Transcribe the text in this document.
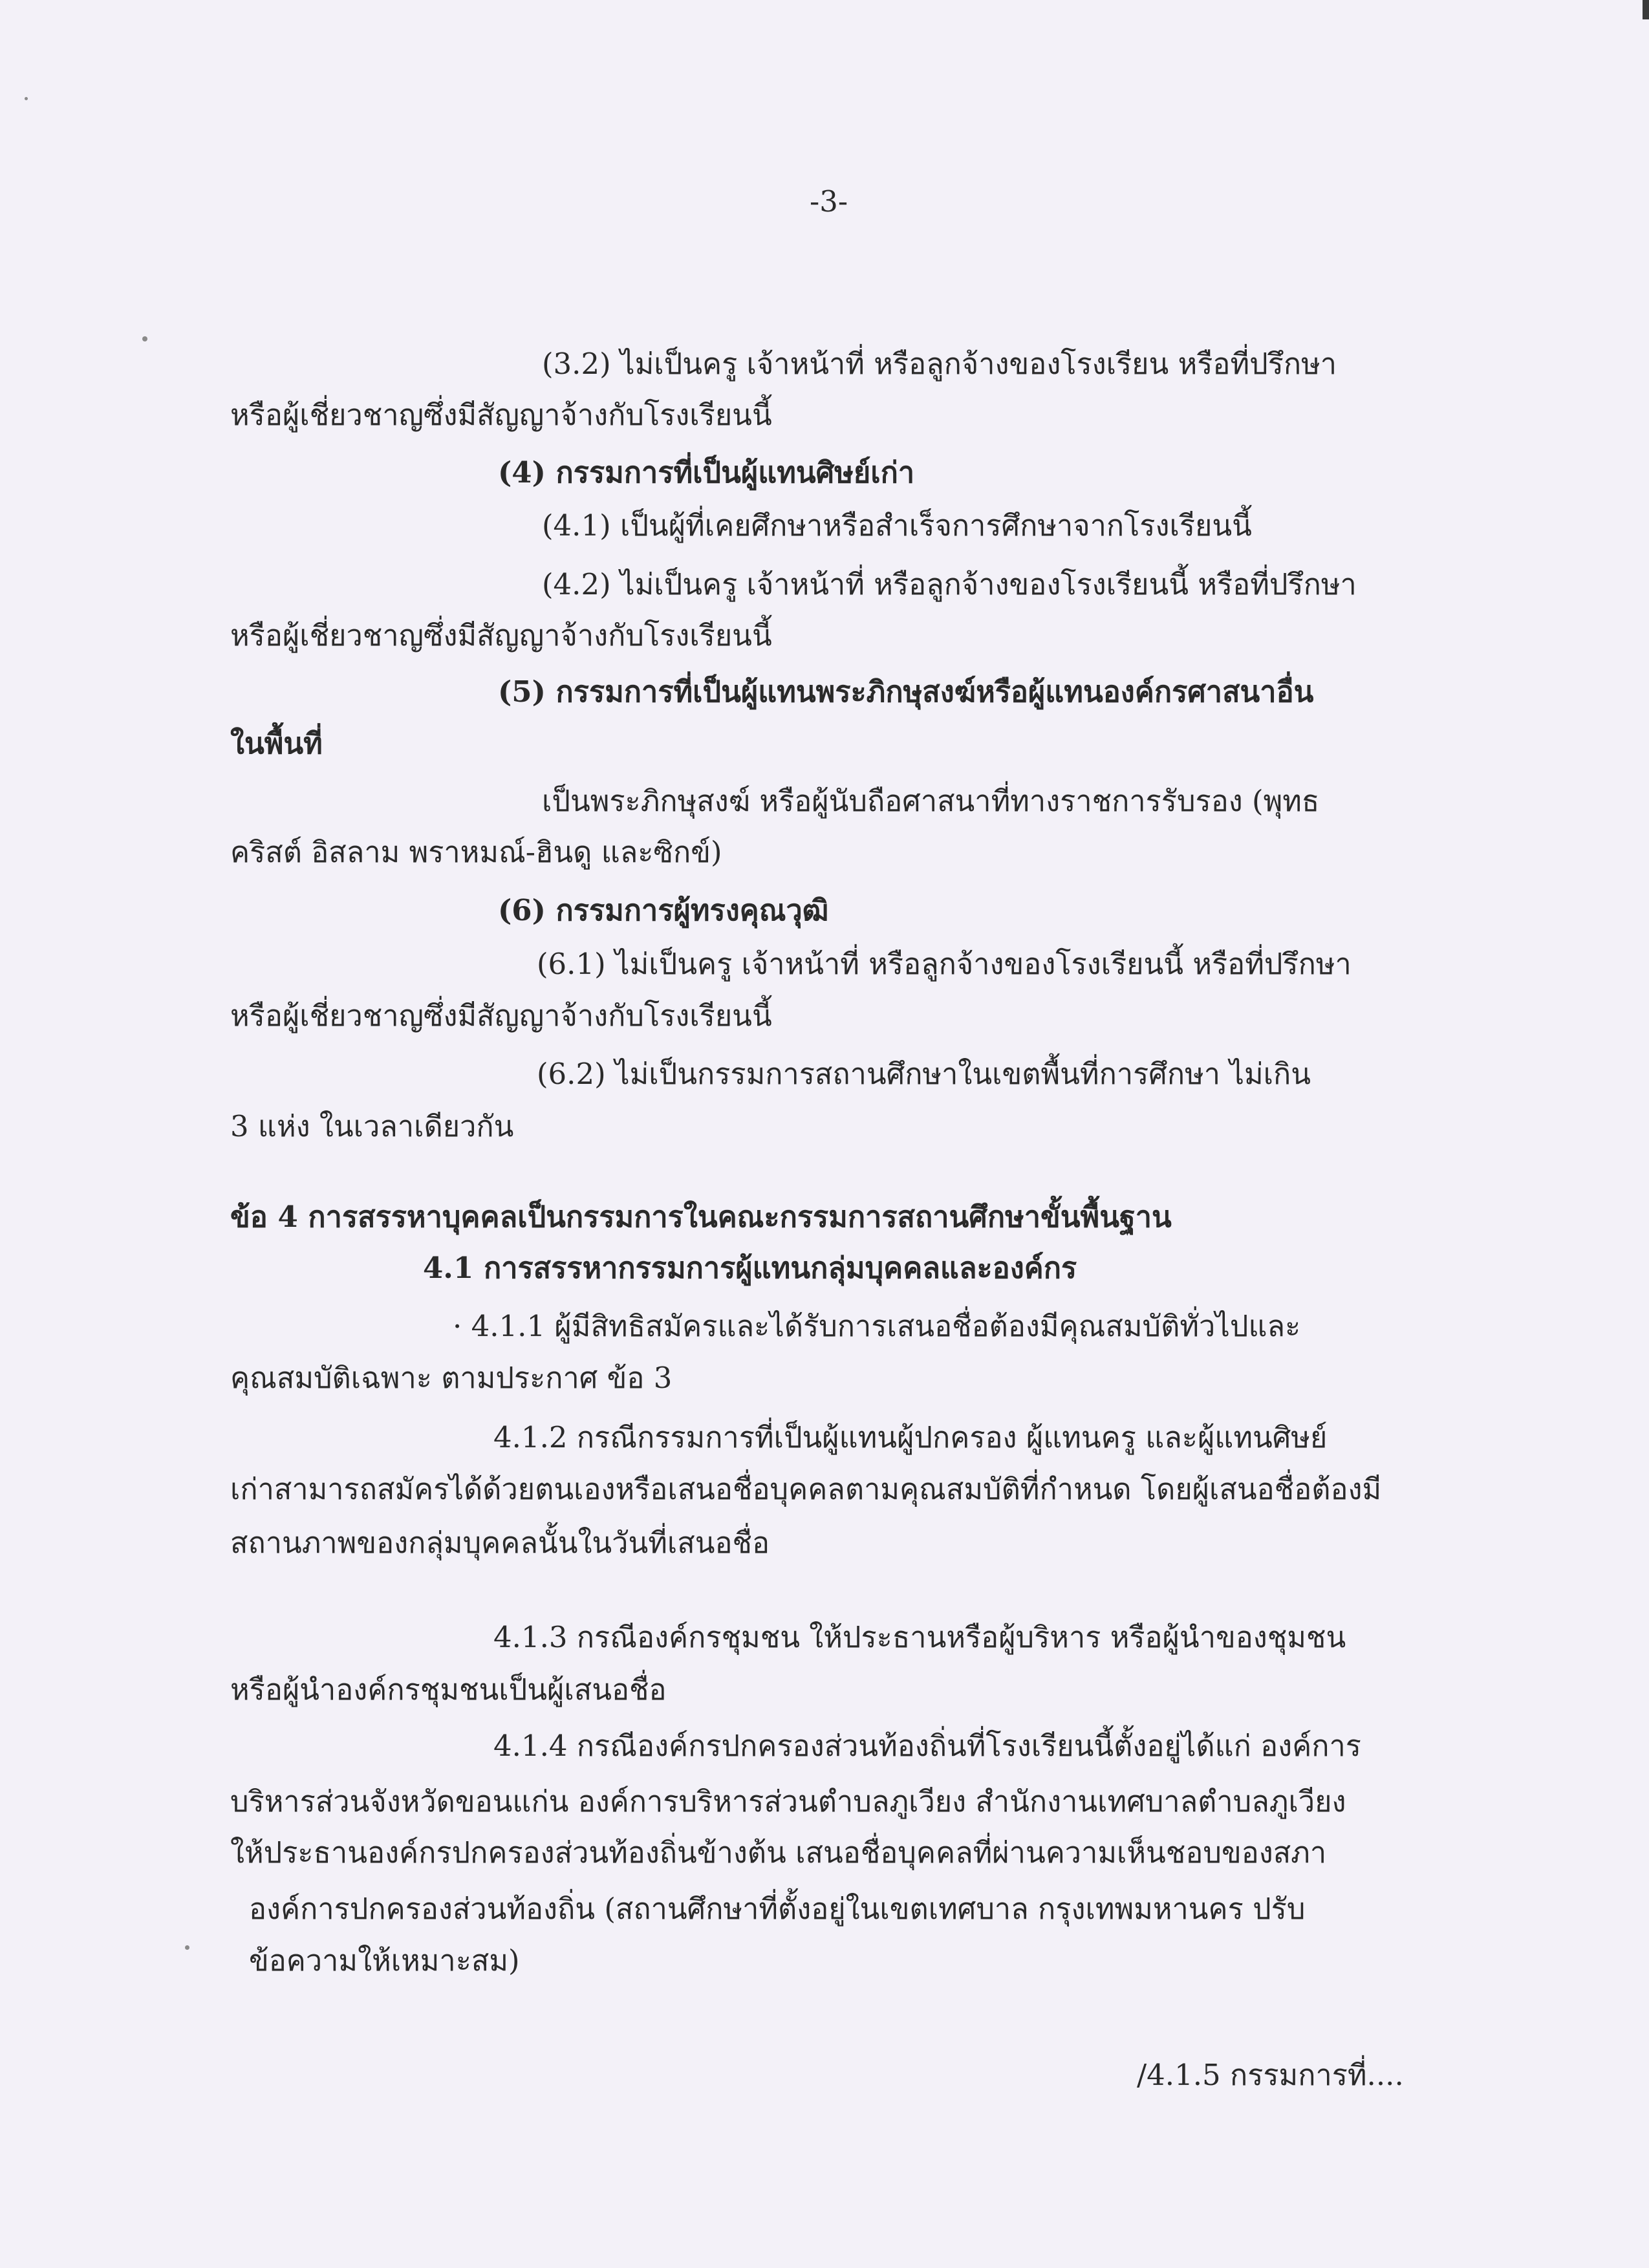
-3-
(3.2) ไม่เป็นครู เจ้าหน้าที่ หรือลูกจ้างของโรงเรียน หรือที่ปรึกษา
หรือผู้เชี่ยวชาญซึ่งมีสัญญาจ้างกับโรงเรียนนี้
(4) กรรมการที่เป็นผู้แทนศิษย์เก่า
(4.1) เป็นผู้ที่เคยศึกษาหรือสำเร็จการศึกษาจากโรงเรียนนี้
(4.2) ไม่เป็นครู เจ้าหน้าที่ หรือลูกจ้างของโรงเรียนนี้ หรือที่ปรึกษา
หรือผู้เชี่ยวชาญซึ่งมีสัญญาจ้างกับโรงเรียนนี้
(5) กรรมการที่เป็นผู้แทนพระภิกษุสงฆ์หรือผู้แทนองค์กรศาสนาอื่น
ในพื้นที่
เป็นพระภิกษุสงฆ์ หรือผู้นับถือศาสนาที่ทางราชการรับรอง (พุทธ
คริสต์ อิสลาม พราหมณ์-ฮินดู และซิกข์)
(6) กรรมการผู้ทรงคุณวุฒิ
(6.1) ไม่เป็นครู เจ้าหน้าที่ หรือลูกจ้างของโรงเรียนนี้ หรือที่ปรึกษา
หรือผู้เชี่ยวชาญซึ่งมีสัญญาจ้างกับโรงเรียนนี้
(6.2) ไม่เป็นกรรมการสถานศึกษาในเขตพื้นที่การศึกษา ไม่เกิน
3 แห่ง ในเวลาเดียวกัน
ข้อ 4 การสรรหาบุคคลเป็นกรรมการในคณะกรรมการสถานศึกษาขั้นพื้นฐาน
4.1 การสรรหากรรมการผู้แทนกลุ่มบุคคลและองค์กร
· 4.1.1 ผู้มีสิทธิสมัครและได้รับการเสนอชื่อต้องมีคุณสมบัติทั่วไปและ
คุณสมบัติเฉพาะ ตามประกาศ ข้อ 3
4.1.2 กรณีกรรมการที่เป็นผู้แทนผู้ปกครอง ผู้แทนครู และผู้แทนศิษย์
เก่าสามารถสมัครได้ด้วยตนเองหรือเสนอชื่อบุคคลตามคุณสมบัติที่กำหนด โดยผู้เสนอชื่อต้องมี
สถานภาพของกลุ่มบุคคลนั้นในวันที่เสนอชื่อ
4.1.3 กรณีองค์กรชุมชน ให้ประธานหรือผู้บริหาร หรือผู้นำของชุมชน
หรือผู้นำองค์กรชุมชนเป็นผู้เสนอชื่อ
4.1.4 กรณีองค์กรปกครองส่วนท้องถิ่นที่โรงเรียนนี้ตั้งอยู่ได้แก่ องค์การ
บริหารส่วนจังหวัดขอนแก่น องค์การบริหารส่วนตำบลภูเวียง สำนักงานเทศบาลตำบลภูเวียง
ให้ประธานองค์กรปกครองส่วนท้องถิ่นข้างต้น เสนอชื่อบุคคลที่ผ่านความเห็นชอบของสภา
องค์การปกครองส่วนท้องถิ่น (สถานศึกษาที่ตั้งอยู่ในเขตเทศบาล กรุงเทพมหานคร ปรับ
ข้อความให้เหมาะสม)
/4.1.5 กรรมการที่....
